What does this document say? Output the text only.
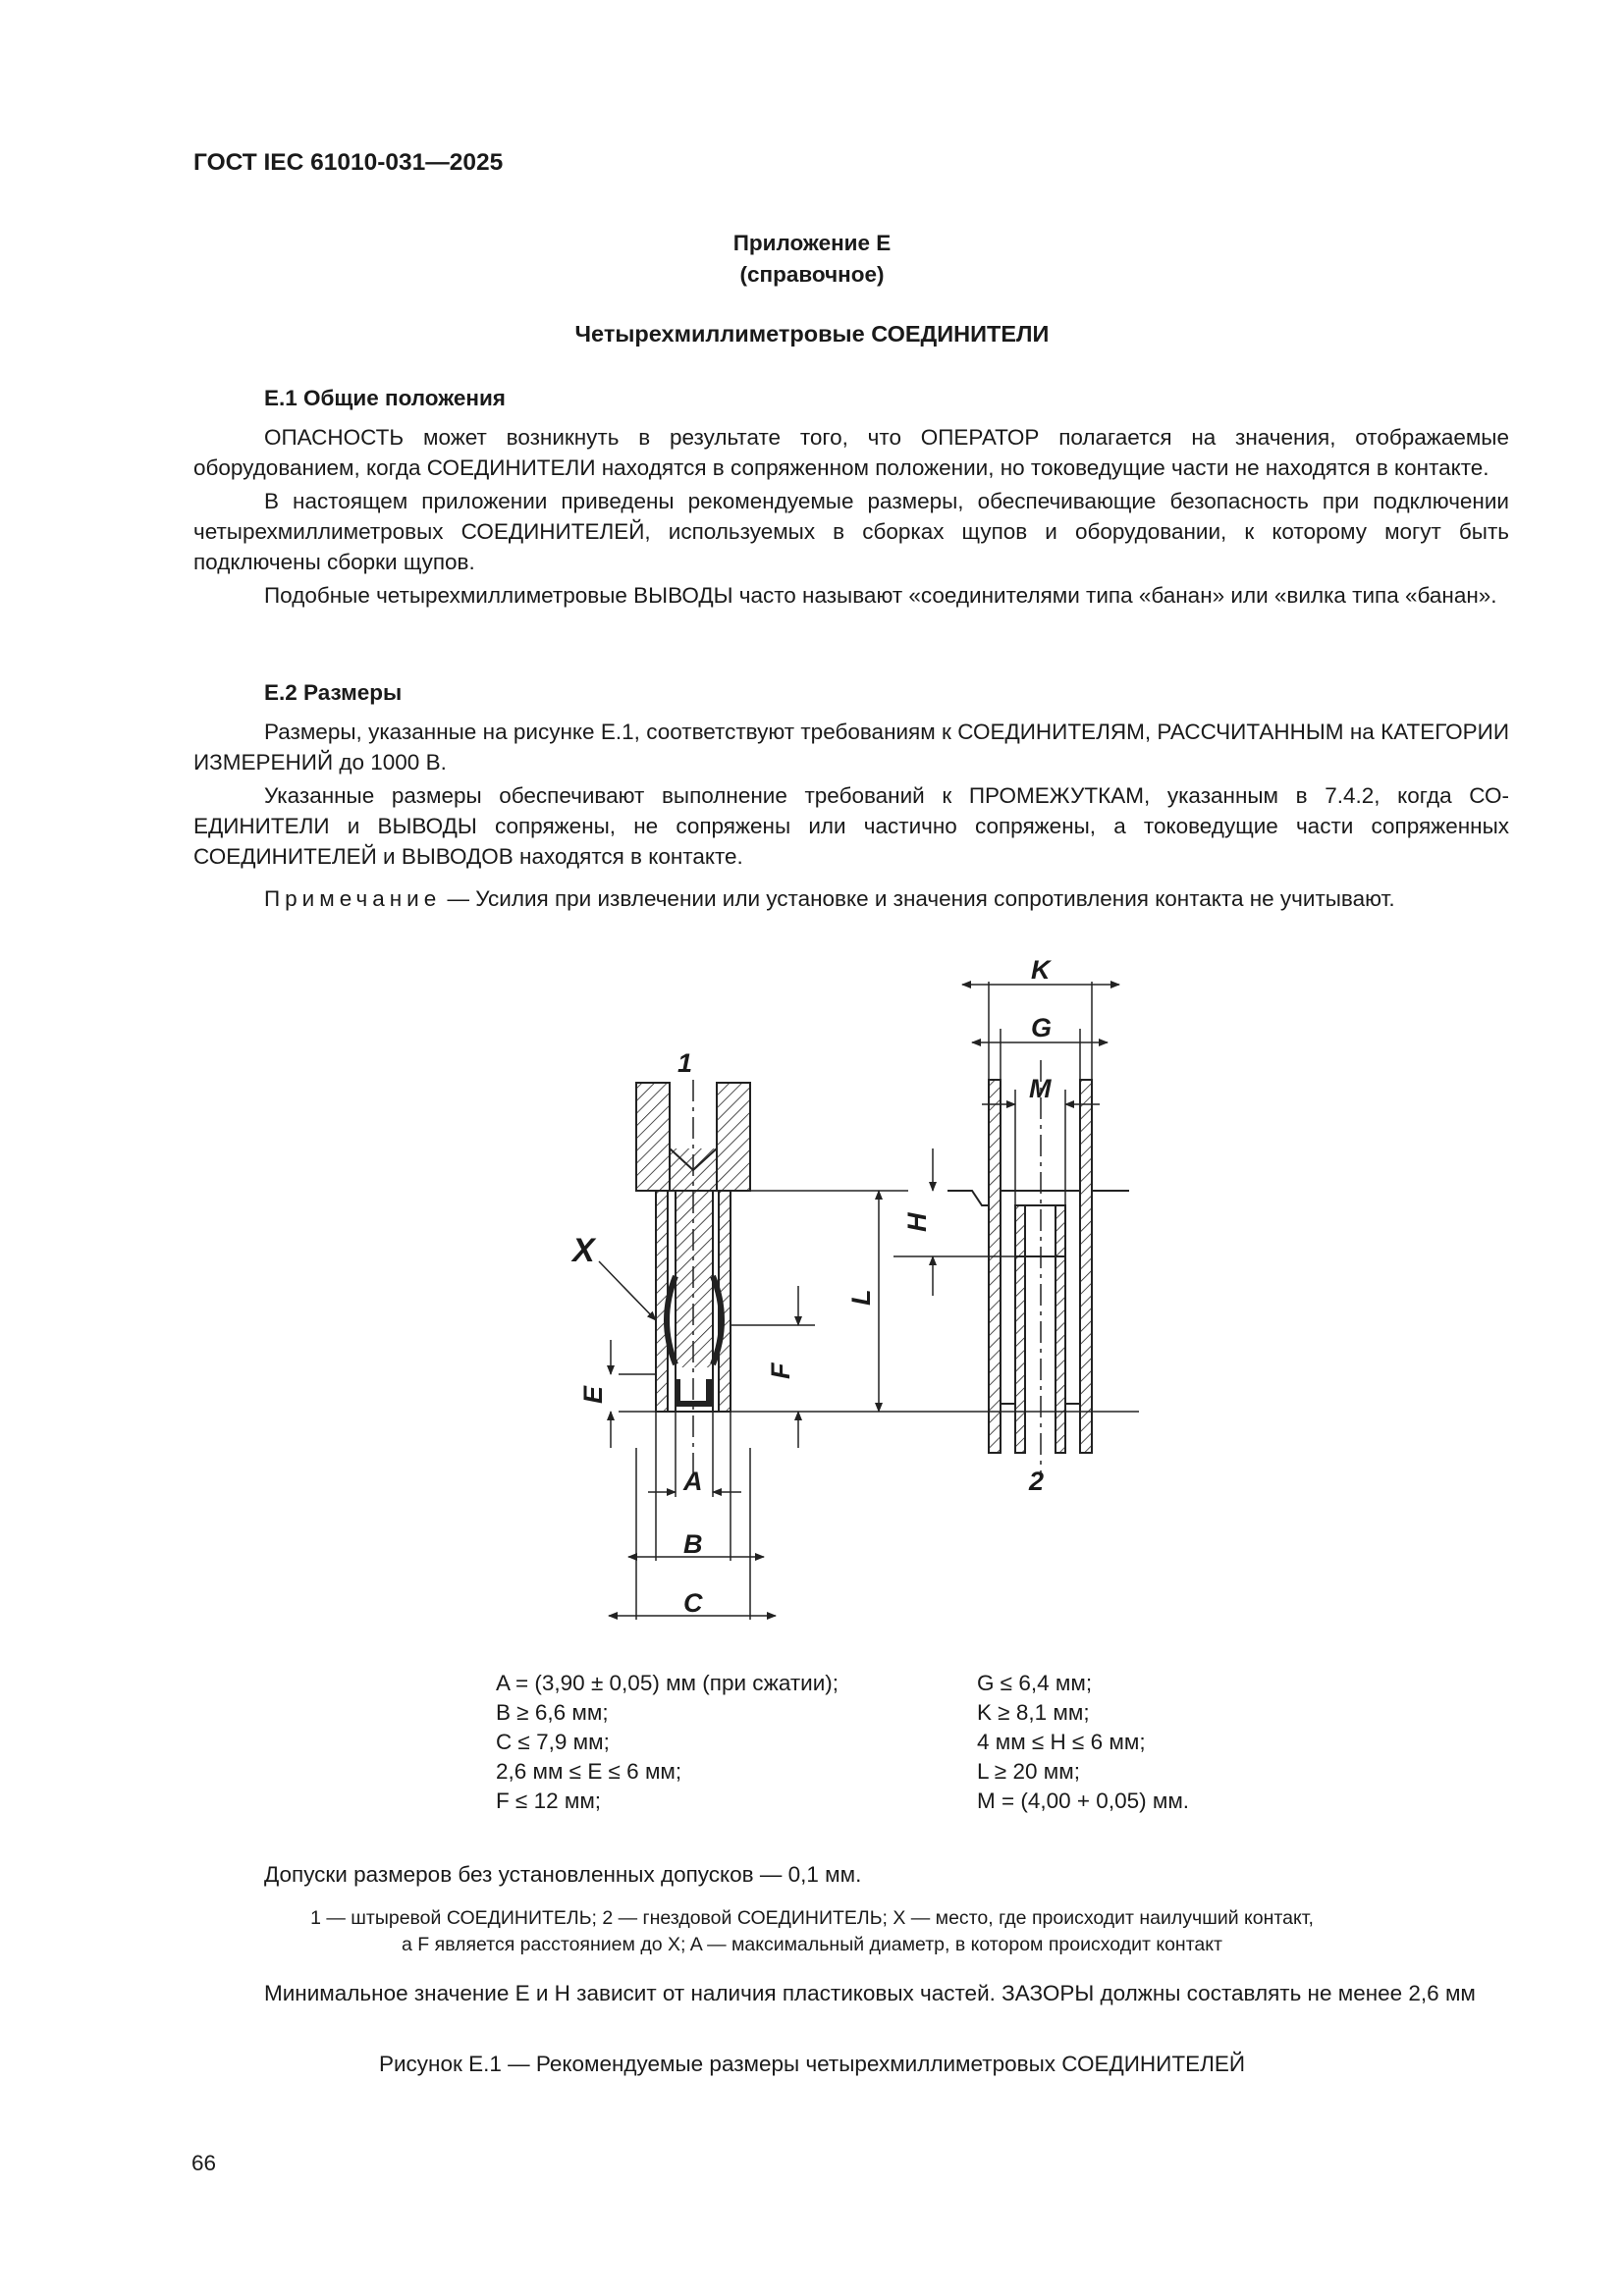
ГОСТ IEC 61010-031—2025
Приложение Е
(справочное)
Четырехмиллиметровые СОЕДИНИТЕЛИ
Е.1 Общие положения

ОПАСНОСТЬ может возникнуть в результате того, что ОПЕРАТОР полагается на значения, отображаемые оборудованием, когда СОЕДИНИТЕЛИ находятся в сопряженном положении, но токоведущие части не находятся в контакте.

В настоящем приложении приведены рекомендуемые размеры, обеспечивающие безопасность при подключении четырехмиллиметровых СОЕДИНИТЕЛЕЙ, используемых в сборках щупов и оборудовании, к которому могут быть подключены сборки щупов.

Подобные четырехмиллиметровые ВЫВОДЫ часто называют «соединителями типа «банан» или «вилка типа «банан».

Е.2 Размеры

Размеры, указанные на рисунке Е.1, соответствуют требованиям к СОЕДИНИТЕЛЯМ, РАССЧИТАННЫМ на КАТЕГОРИИ ИЗМЕРЕНИЙ до 1000 В.

Указанные размеры обеспечивают выполнение требований к ПРОМЕЖУТКАМ, указанным в 7.4.2, когда СОЕДИНИТЕЛИ и ВЫВОДЫ сопряжены, не сопряжены или частично сопряжены, а токоведущие части сопряженных СОЕДИНИТЕЛЕЙ и ВЫВОДОВ находятся в контакте.

Примечание — Усилия при извлечении или установке и значения сопротивления контакта не учитывают.

1
2
X
A
B
C
K
G
M
L
H
F
E
A = (3,90 ± 0,05) мм (при сжатии);
B ≥ 6,6 мм;
C ≤ 7,9 мм;
2,6 мм ≤ E ≤ 6 мм;
F ≤ 12 мм;
G ≤ 6,4 мм;
K ≥ 8,1 мм;
4 мм ≤ H ≤ 6 мм;
L ≥ 20 мм;
M = (4,00 + 0,05) мм.
Допуски размеров без установленных допусков — 0,1 мм.
1 — штыревой СОЕДИНИТЕЛЬ; 2 — гнездовой СОЕДИНИТЕЛЬ; X — место, где происходит наилучший контакт,
а F является расстоянием до X; A — максимальный диаметр, в котором происходит контакт

Минимальное значение E и H зависит от наличия пластиковых частей. ЗАЗОРЫ должны составлять не менее 2,6 мм

Рисунок Е.1 — Рекомендуемые размеры четырехмиллиметровых СОЕДИНИТЕЛЕЙ
66
